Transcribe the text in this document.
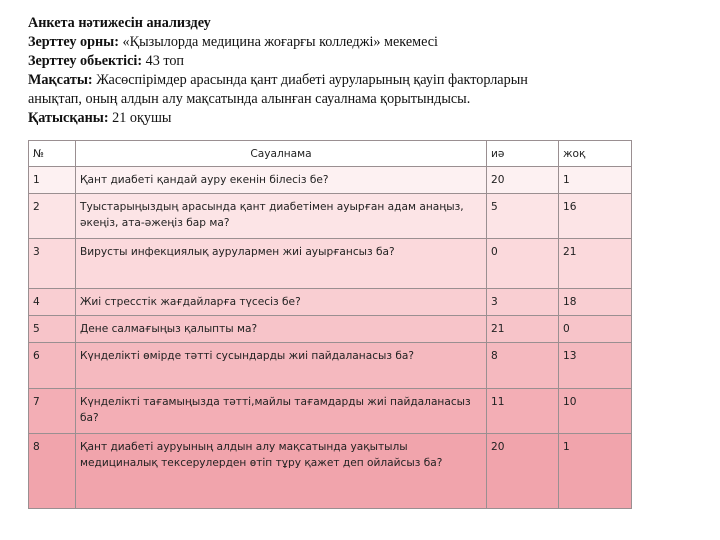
Анкета нәтижесін анализдеу
Зерттеу орны: «Қызылорда медицина жоғарғы колледжі» мекемесі
Зерттеу обьектісі: 43 топ
Мақсаты: Жасөспірімдер арасында қант диабеті ауруларының қауіп факторларын
анықтап, оның алдын алу мақсатында алынған сауалнама қорытындысы.
Қатысқаны: 21 оқушы
№	Сауалнама	иә	жоқ
1	Қант диабеті қандай ауру екенін білесіз бе?	20	1
2	Туыстарыңыздың арасында қант диабетімен ауырған адам анаңыз, әкеңіз, ата-әжеңіз бар ма?	5	16
3	Вирусты инфекциялық аурулармен жиі ауырғансыз ба?	0	21
4	Жиі стресстік жағдайларға түсесіз бе?	3	18
5	Дене салмағыңыз қалыпты ма?	21	0
6	Күнделікті өмірде тәтті сусындарды жиі пайдаланасыз ба?	8	13
7	Күнделікті тағамыңызда тәтті,майлы тағамдарды жиі пайдаланасыз ба?	11	10
8	Қант диабеті ауруының алдын алу мақсатында уақытылы медициналық тексерулерден өтіп тұру қажет деп ойлайсыз ба?	20	1
